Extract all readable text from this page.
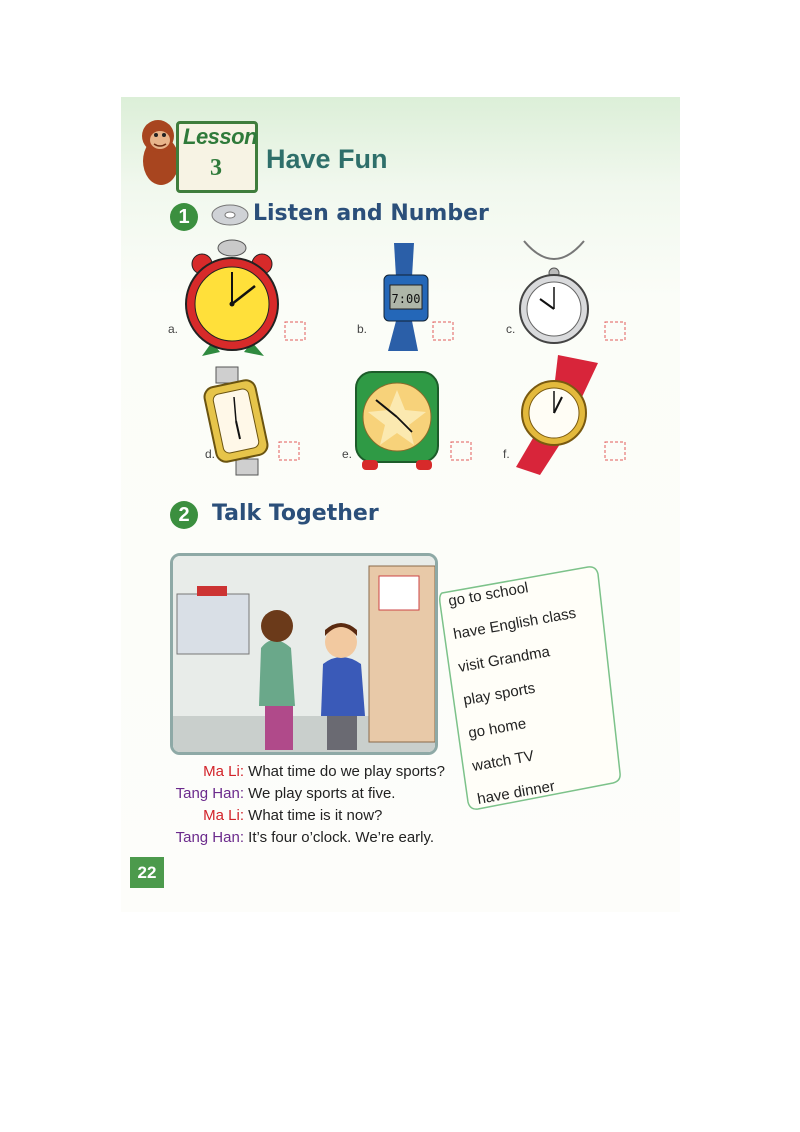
Lesson
3 Have Fun
1	Listen and Number
a.
7:00
b.	c.
d.	e.	f.
2	Talk Together
Ma Li: What time do we play sports?
Tang Han: We play sports at five.
Ma Li: What time is it now?
Tang Han: It’s four o’clock. We’re early.
go to school
have English class
visit Grandma
play sports
go home
watch TV
have dinner
22
